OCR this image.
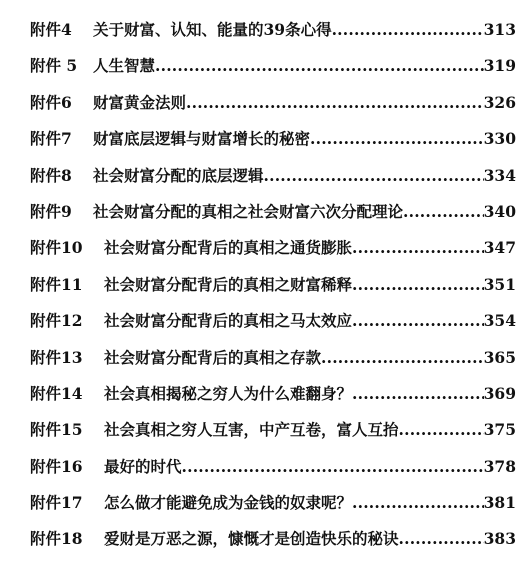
附件4	关于财富、认知、能量的39条心得 .....	313
附件 5	人生智慧 .....	319
附件6	财富黄金法则 .....	326
附件7	财富底层逻辑与财富增长的秘密 .....	330
附件8	社会财富分配的底层逻辑 .....	334
附件9	社会财富分配的真相之社会财富六次分配理论 .....	340
附件10	社会财富分配背后的真相之通货膨胀 .....	347
附件11	社会财富分配背后的真相之财富稀释 .....	351
附件12	社会财富分配背后的真相之马太效应 .....	354
附件13	社会财富分配背后的真相之存款 .....	365
附件14	社会真相揭秘之穷人为什么难翻身？ .....	369
附件15	社会真相之穷人互害，中产互卷，富人互抬 .....	375
附件16	最好的时代 .....	378
附件17	怎么做才能避免成为金钱的奴隶呢？ .....	381
附件18	爱财是万恶之源，慷慨才是创造快乐的秘诀 .....	383
